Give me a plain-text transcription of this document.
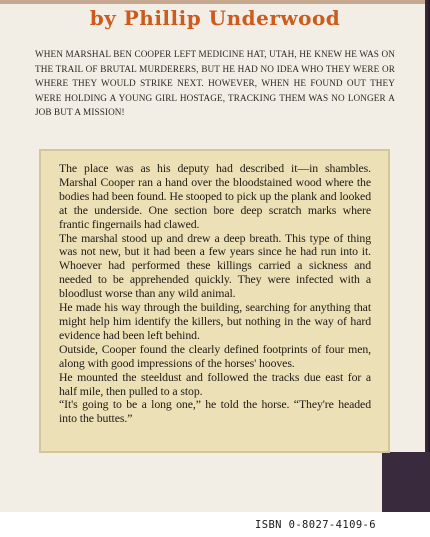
by Phillip Underwood
WHEN MARSHAL BEN COOPER LEFT MEDICINE HAT, UTAH, HE KNEW HE WAS ON THE TRAIL OF BRUTAL MURDERERS, BUT HE HAD NO IDEA WHO THEY WERE OR WHERE THEY WOULD STRIKE NEXT. HOWEVER, WHEN HE FOUND OUT THEY WERE HOLDING A YOUNG GIRL HOSTAGE, TRACKING THEM WAS NO LONGER A JOB BUT A MISSION!

The place was as his deputy had described it—in shambles. Marshal Cooper ran a hand over the bloodstained wood where the bodies had been found. He stooped to pick up the plank and looked at the underside. One section bore deep scratch marks where frantic fingernails had clawed.

The marshal stood up and drew a deep breath. This type of thing was not new, but it had been a few years since he had run into it. Whoever had performed these killings carried a sickness and needed to be apprehended quickly. They were infected with a bloodlust worse than any wild animal.

He made his way through the building, searching for anything that might help him identify the killers, but nothing in the way of hard evidence had been left behind.

Outside, Cooper found the clearly defined footprints of four men, along with good impressions of the horses' hooves.

He mounted the steeldust and followed the tracks due east for a half mile, then pulled to a stop.

“It's going to be a long one,” he told the horse. “They're headed into the buttes.”

ISBN 0-8027-4109-6
